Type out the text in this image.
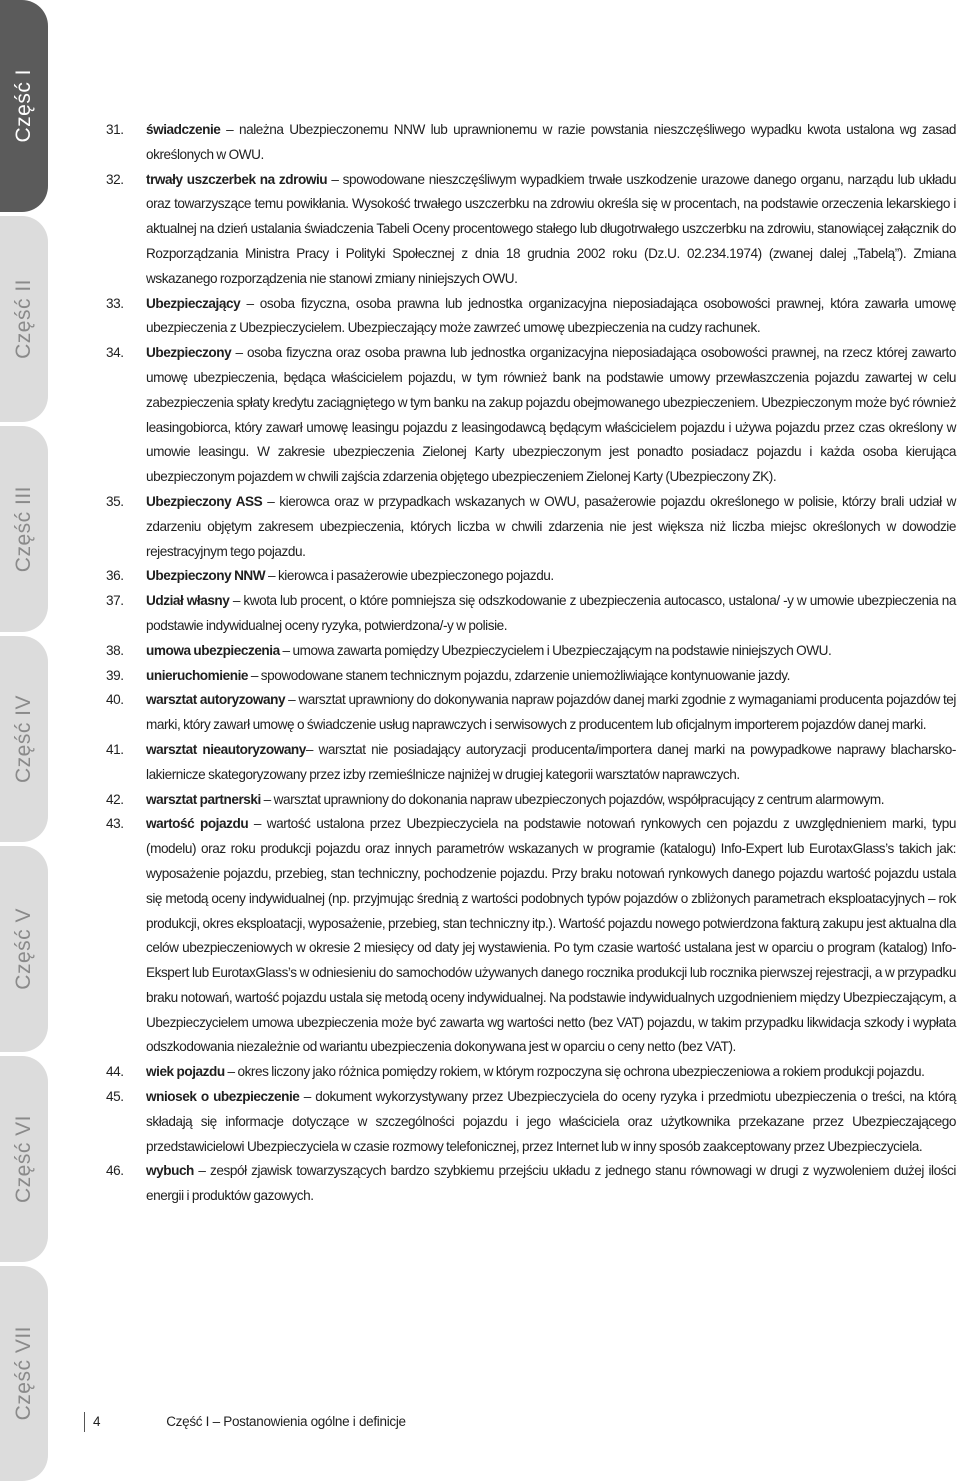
Część I
Część II
Część III
Część IV
Część V
Część VI
Część VII
31.	świadczenie – należna Ubezpieczonemu NNW lub uprawnionemu w razie powstania nieszczęśliwego wypadku kwota ustalona wg zasad określonych w OWU.
32.	trwały uszczerbek na zdrowiu – spowodowane nieszczęśliwym wypadkiem trwałe uszkodzenie urazowe danego organu, narządu lub układu oraz towarzyszące temu powikłania. Wysokość trwałego uszczerbku na zdrowiu określa się w procentach, na podstawie orzeczenia lekarskiego i aktualnej na dzień ustalania świadczenia Tabeli Oceny procentowego stałego lub długotrwałego uszczerbku na zdrowiu, stanowiącej załącznik do Rozporządzania Ministra Pracy i Polityki Społecznej z dnia 18 grudnia 2002 roku (Dz.U. 02.234.1974) (zwanej dalej „Tabelą”). Zmiana wskazanego rozporządzenia nie stanowi zmiany niniejszych OWU.
33.	Ubezpieczający – osoba fizyczna, osoba prawna lub jednostka organizacyjna nieposiadająca osobowości prawnej, która zawarła umowę ubezpieczenia z Ubezpieczycielem. Ubezpieczający może zawrzeć umowę ubezpieczenia na cudzy rachunek.
34.	Ubezpieczony – osoba fizyczna oraz osoba prawna lub jednostka organizacyjna nieposiadająca osobowości prawnej, na rzecz której zawarto umowę ubezpieczenia, będąca właścicielem pojazdu, w tym również bank na podstawie umowy przewłaszczenia pojazdu zawartej w celu zabezpieczenia spłaty kredytu zaciągniętego w tym banku na zakup pojazdu obejmowanego ubezpieczeniem. Ubezpieczonym może być również leasingobiorca, który zawarł umowę leasingu pojazdu z leasingodawcą będącym właścicielem pojazdu i używa pojazdu przez czas określony w umowie leasingu. W zakresie ubezpieczenia Zielonej Karty ubezpieczonym jest ponadto posiadacz pojazdu i każda osoba kierująca ubezpieczonym pojazdem w chwili zajścia zdarzenia objętego ubezpieczeniem Zielonej Karty (Ubezpieczony ZK).
35.	Ubezpieczony ASS – kierowca oraz w przypadkach wskazanych w OWU, pasażerowie pojazdu określonego w polisie, którzy brali udział w zdarzeniu objętym zakresem ubezpieczenia, których liczba w chwili zdarzenia nie jest większa niż liczba miejsc określonych w dowodzie rejestracyjnym tego pojazdu.
36.	Ubezpieczony NNW – kierowca i pasażerowie ubezpieczonego pojazdu.
37.	Udział własny – kwota lub procent, o które pomniejsza się odszkodowanie z ubezpieczenia autocasco, ustalona/ -y w umowie ubezpieczenia na podstawie indywidualnej oceny ryzyka, potwierdzona/-y w polisie.
38.	umowa ubezpieczenia – umowa zawarta pomiędzy Ubezpieczycielem i Ubezpieczającym na podstawie niniejszych OWU.
39.	unieruchomienie – spowodowane stanem technicznym pojazdu, zdarzenie uniemożliwiające kontynuowanie jazdy.
40.	warsztat autoryzowany – warsztat uprawniony do dokonywania napraw pojazdów danej marki zgodnie z wymaganiami producenta pojazdów tej marki, który zawarł umowę o świadczenie usług naprawczych i serwisowych z producentem lub oficjalnym importerem pojazdów danej marki.
41.	warsztat nieautoryzowany– warsztat nie posiadający autoryzacji producenta/importera danej marki na powypadkowe naprawy blacharsko-lakiernicze skategoryzowany przez izby rzemieślnicze najniżej w drugiej kategorii warsztatów naprawczych.
42.	warsztat partnerski – warsztat uprawniony do dokonania napraw ubezpieczonych pojazdów, współpracujący z centrum alarmowym.
43.	wartość pojazdu – wartość ustalona przez Ubezpieczyciela na podstawie notowań rynkowych cen pojazdu z uwzględnieniem marki, typu (modelu) oraz roku produkcji pojazdu oraz innych parametrów wskazanych w programie (katalogu) Info-Expert lub EurotaxGlass’s takich jak: wyposażenie pojazdu, przebieg, stan techniczny, pochodzenie pojazdu. Przy braku notowań rynkowych danego pojazdu wartość pojazdu ustala się metodą oceny indywidualnej (np. przyjmując średnią z wartości podobnych typów pojazdów o zbliżonych parametrach eksploatacyjnych – rok produkcji, okres eksploatacji, wyposażenie, przebieg, stan techniczny itp.). Wartość pojazdu nowego potwierdzona fakturą zakupu jest aktualna dla celów ubezpieczeniowych w okresie 2 miesięcy od daty jej wystawienia. Po tym czasie wartość ustalana jest w oparciu o program (katalog) Info-Ekspert lub EurotaxGlass’s w odniesieniu do samochodów używanych danego rocznika produkcji lub rocznika pierwszej rejestracji, a w przypadku braku notowań, wartość pojazdu ustala się metodą oceny indywidualnej. Na podstawie indywidualnych uzgodnieniem między Ubezpieczającym, a Ubezpieczycielem umowa ubezpieczenia może być zawarta wg wartości netto (bez VAT) pojazdu, w takim przypadku likwidacja szkody i wypłata odszkodowania niezależnie od wariantu ubezpieczenia dokonywana jest w oparciu o ceny netto (bez VAT).
44.	wiek pojazdu – okres liczony jako różnica pomiędzy rokiem, w którym rozpoczyna się ochrona ubezpieczeniowa a rokiem produkcji pojazdu.
45.	wniosek o ubezpieczenie – dokument wykorzystywany przez Ubezpieczyciela do oceny ryzyka i przedmiotu ubezpieczenia o treści, na którą składają się informacje dotyczące w szczególności pojazdu i jego właściciela oraz użytkownika przekazane przez Ubezpieczającego przedstawicielowi Ubezpieczyciela w czasie rozmowy telefonicznej, przez Internet lub w inny sposób zaakceptowany przez Ubezpieczyciela.
46.	wybuch – zespół zjawisk towarzyszących bardzo szybkiemu przejściu układu z jednego stanu równowagi w drugi z wyzwoleniem dużej ilości energii i produktów gazowych.
4	Część I – Postanowienia ogólne i definicje
